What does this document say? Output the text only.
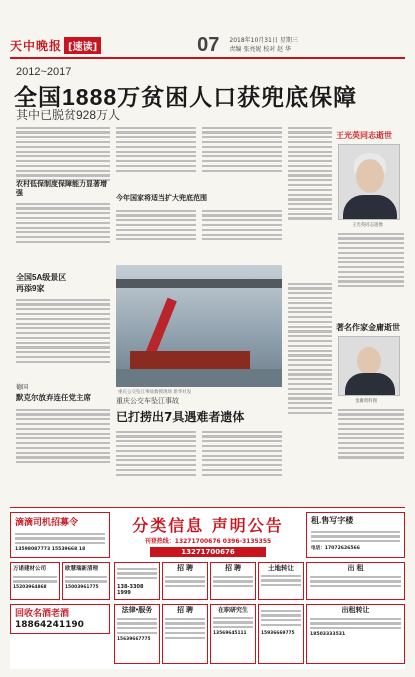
天中晚报 [速读]	07 2018年10月31日 星期三
责编 张亮妮 校对 赵 华
2012~2017
全国1888万贫困人口获兜底保障
其中已脱贫928万人
农村低保制度保障能力显著增强
今年国家将适当扩大兜底范围
全国5A级景区
再添9家
德国
默克尔放弃连任党主席
重庆公交坠江事故救援现场 新华社发
重庆公交车坠江事故
已打捞出7具遇难者遗体
王光英同志逝世
王光英同志遗像
著名作家金庸逝世
金庸资料图
滴滴司机招募令
13598087773 15539668 18
分类信息 声明公告
刊登热线：13271700676 0396-3135355
13271700676
租.售写字楼
电话：17072626566
万诺建材公司
15203964868
欧慧瑞新清理
15003961775	138-3308 1999
招 聘	招 聘	土地转让	出 租
回收名酒老酒
18864241190
法律•服务
15639667775
招 聘	在职研究生
13569645111	15936669775
出租转让
18503333531
